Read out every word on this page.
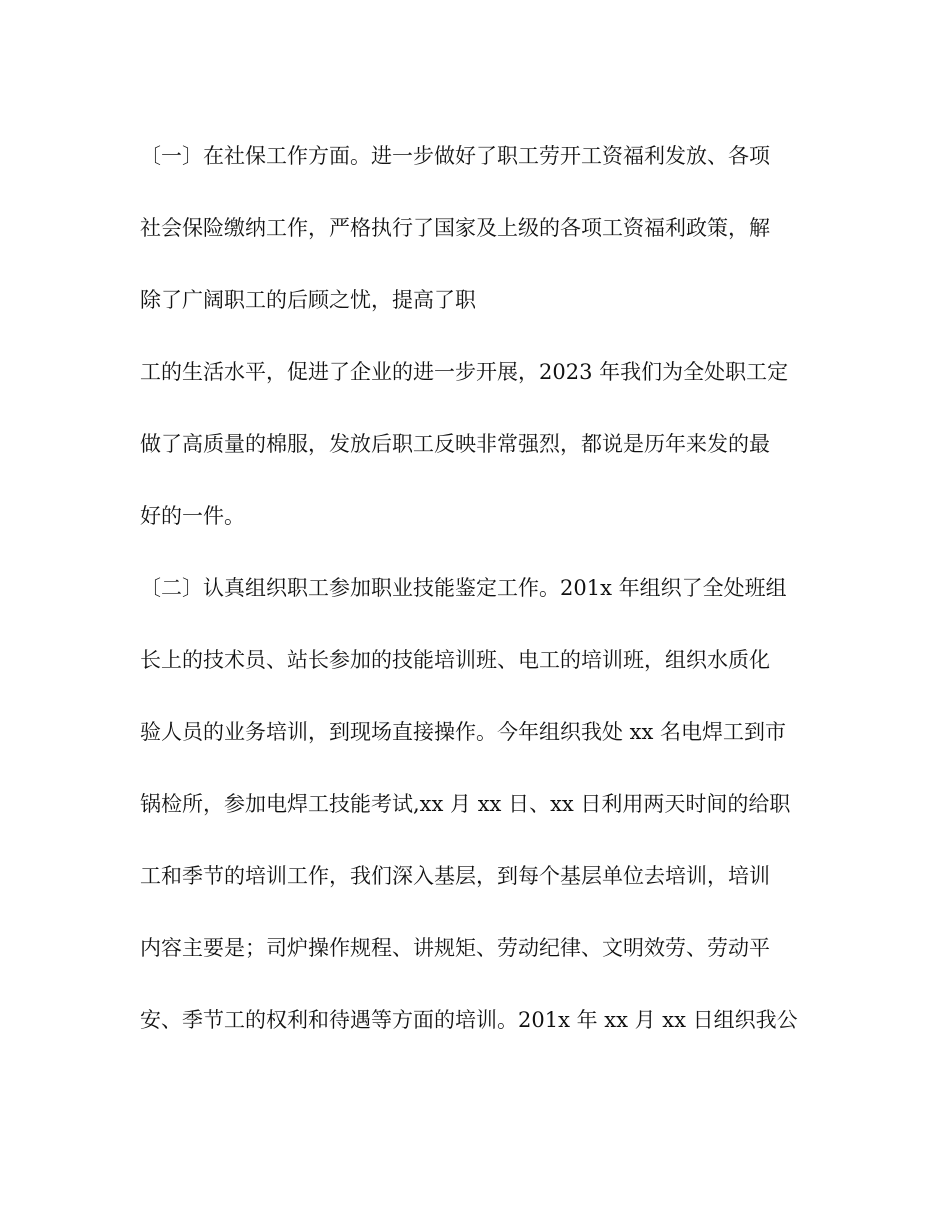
〔一〕在社保工作方面。进一步做好了职工劳开工资福利发放、各项
社会保险缴纳工作，严格执行了国家及上级的各项工资福利政策，解
除了广阔职工的后顾之忧，提高了职
工的生活水平，促进了企业的进一步开展，2023 年我们为全处职工定
做了高质量的棉服，发放后职工反映非常强烈，都说是历年来发的最
好的一件。
〔二〕认真组织职工参加职业技能鉴定工作。201x 年组织了全处班组
长上的技术员、站长参加的技能培训班、电工的培训班，组织水质化
验人员的业务培训，到现场直接操作。今年组织我处 xx 名电焊工到市
锅检所，参加电焊工技能考试,xx 月 xx 日、xx 日利用两天时间的给职
工和季节的培训工作，我们深入基层，到每个基层单位去培训，培训
内容主要是；司炉操作规程、讲规矩、劳动纪律、文明效劳、劳动平
安、季节工的权利和待遇等方面的培训。201x 年 xx 月 xx 日组织我公
